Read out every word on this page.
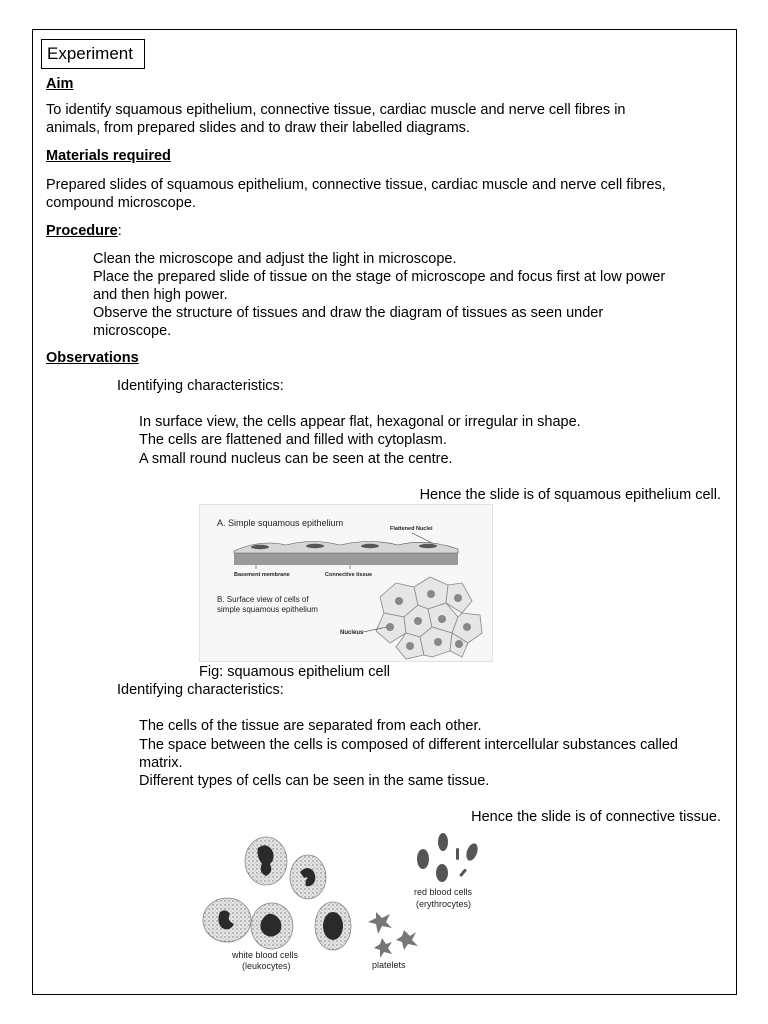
Experiment
Aim
To identify squamous epithelium, connective tissue, cardiac muscle and nerve cell fibres in
animals, from prepared slides and to draw their labelled diagrams.
Materials required
Prepared slides of squamous epithelium, connective tissue, cardiac muscle and nerve cell fibres,
compound microscope.
Procedure:
Clean the microscope and adjust the light in microscope.
Place the prepared slide of tissue on the stage of microscope and focus first at low power
and then high power.
Observe the structure of tissues and draw the diagram of tissues as seen under
microscope.
Observations
Identifying characteristics:
In surface view, the cells appear flat, hexagonal or irregular in shape.
The cells are flattened and filled with cytoplasm.
A small round nucleus can be seen at the centre.
Hence the slide is of squamous epithelium cell.
A. Simple squamous epithelium
Flattened Nuclei
Basement membrane	Connective tissue
B. Surface view of cells of
simple squamous epithelium
Nucleus
Fig: squamous epithelium cell
Identifying characteristics:
The cells of the tissue are separated from each other.
The space between the cells is composed of different intercellular substances called
matrix.
Different types of cells can be seen in the same tissue.
Hence the slide is of connective tissue.
white blood cells
(leukocytes)
red blood cells
(erythrocytes)
platelets
